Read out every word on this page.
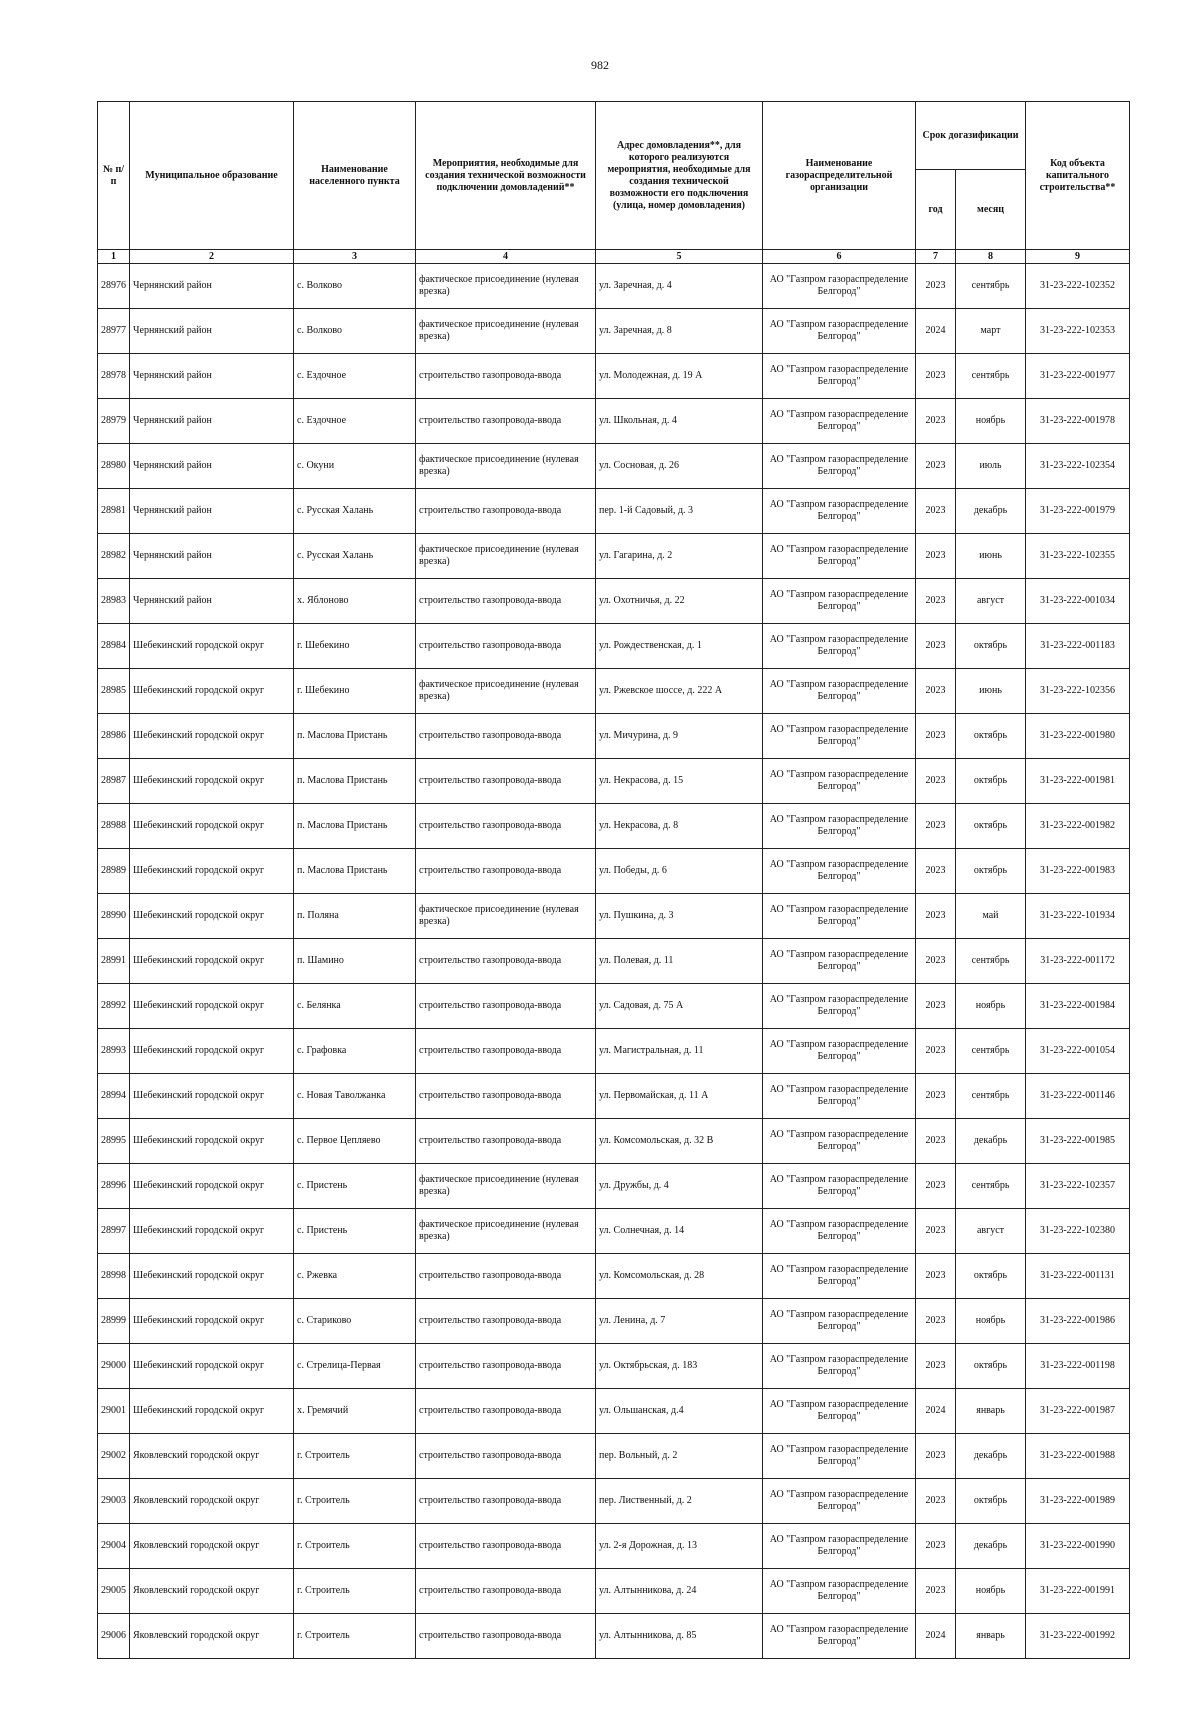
982
№ п/п	Муниципальное образование	Наименование населенного пункта	Мероприятия, необходимые для создания технической возможности подключении домовладений**	Адрес домовладения**, для которого реализуются мероприятия, необходимые для создания технической возможности его подключения (улица, номер домовладения)	Наименование газораспределительной организации	Срок догазификации		Код объекта капитального строительства**
						год	месяц	
1	2	3	4	5	6	7	8	9
28976	Чернянский район	с. Волково	фактическое присоединение (нулевая врезка)	ул. Заречная, д. 4	АО "Газпром газораспределение Белгород"	2023	сентябрь	31-23-222-102352
28977	Чернянский район	с. Волково	фактическое присоединение (нулевая врезка)	ул. Заречная, д. 8	АО "Газпром газораспределение Белгород"	2024	март	31-23-222-102353
28978	Чернянский район	с. Ездочное	строительство газопровода-ввода	ул. Молодежная, д. 19 А	АО "Газпром газораспределение Белгород"	2023	сентябрь	31-23-222-001977
28979	Чернянский район	с. Ездочное	строительство газопровода-ввода	ул. Школьная, д. 4	АО "Газпром газораспределение Белгород"	2023	ноябрь	31-23-222-001978
28980	Чернянский район	с. Окуни	фактическое присоединение (нулевая врезка)	ул. Сосновая, д. 26	АО "Газпром газораспределение Белгород"	2023	июль	31-23-222-102354
28981	Чернянский район	с. Русская Халань	строительство газопровода-ввода	пер. 1-й Садовый, д. 3	АО "Газпром газораспределение Белгород"	2023	декабрь	31-23-222-001979
28982	Чернянский район	с. Русская Халань	фактическое присоединение (нулевая врезка)	ул. Гагарина, д. 2	АО "Газпром газораспределение Белгород"	2023	июнь	31-23-222-102355
28983	Чернянский район	х. Яблоново	строительство газопровода-ввода	ул. Охотничья, д. 22	АО "Газпром газораспределение Белгород"	2023	август	31-23-222-001034
28984	Шебекинский городской округ	г. Шебекино	строительство газопровода-ввода	ул. Рождественская, д. 1	АО "Газпром газораспределение Белгород"	2023	октябрь	31-23-222-001183
28985	Шебекинский городской округ	г. Шебекино	фактическое присоединение (нулевая врезка)	ул. Ржевское шоссе, д. 222 А	АО "Газпром газораспределение Белгород"	2023	июнь	31-23-222-102356
28986	Шебекинский городской округ	п. Маслова Пристань	строительство газопровода-ввода	ул. Мичурина, д. 9	АО "Газпром газораспределение Белгород"	2023	октябрь	31-23-222-001980
28987	Шебекинский городской округ	п. Маслова Пристань	строительство газопровода-ввода	ул. Некрасова, д. 15	АО "Газпром газораспределение Белгород"	2023	октябрь	31-23-222-001981
28988	Шебекинский городской округ	п. Маслова Пристань	строительство газопровода-ввода	ул. Некрасова, д. 8	АО "Газпром газораспределение Белгород"	2023	октябрь	31-23-222-001982
28989	Шебекинский городской округ	п. Маслова Пристань	строительство газопровода-ввода	ул. Победы, д. 6	АО "Газпром газораспределение Белгород"	2023	октябрь	31-23-222-001983
28990	Шебекинский городской округ	п. Поляна	фактическое присоединение (нулевая врезка)	ул. Пушкина, д. 3	АО "Газпром газораспределение Белгород"	2023	май	31-23-222-101934
28991	Шебекинский городской округ	п. Шамино	строительство газопровода-ввода	ул. Полевая, д. 11	АО "Газпром газораспределение Белгород"	2023	сентябрь	31-23-222-001172
28992	Шебекинский городской округ	с. Белянка	строительство газопровода-ввода	ул. Садовая, д. 75 А	АО "Газпром газораспределение Белгород"	2023	ноябрь	31-23-222-001984
28993	Шебекинский городской округ	с. Графовка	строительство газопровода-ввода	ул. Магистральная, д. 11	АО "Газпром газораспределение Белгород"	2023	сентябрь	31-23-222-001054
28994	Шебекинский городской округ	с. Новая Таволжанка	строительство газопровода-ввода	ул. Первомайская, д. 11 А	АО "Газпром газораспределение Белгород"	2023	сентябрь	31-23-222-001146
28995	Шебекинский городской округ	с. Первое Цепляево	строительство газопровода-ввода	ул. Комсомольская, д. 32 В	АО "Газпром газораспределение Белгород"	2023	декабрь	31-23-222-001985
28996	Шебекинский городской округ	с. Пристень	фактическое присоединение (нулевая врезка)	ул. Дружбы, д. 4	АО "Газпром газораспределение Белгород"	2023	сентябрь	31-23-222-102357
28997	Шебекинский городской округ	с. Пристень	фактическое присоединение (нулевая врезка)	ул. Солнечная, д. 14	АО "Газпром газораспределение Белгород"	2023	август	31-23-222-102380
28998	Шебекинский городской округ	с. Ржевка	строительство газопровода-ввода	ул. Комсомольская, д. 28	АО "Газпром газораспределение Белгород"	2023	октябрь	31-23-222-001131
28999	Шебекинский городской округ	с. Стариково	строительство газопровода-ввода	ул. Ленина, д. 7	АО "Газпром газораспределение Белгород"	2023	ноябрь	31-23-222-001986
29000	Шебекинский городской округ	с. Стрелица-Первая	строительство газопровода-ввода	ул. Октябрьская, д. 183	АО "Газпром газораспределение Белгород"	2023	октябрь	31-23-222-001198
29001	Шебекинский городской округ	х. Гремячий	строительство газопровода-ввода	ул. Ольшанская, д.4	АО "Газпром газораспределение Белгород"	2024	январь	31-23-222-001987
29002	Яковлевский городской округ	г. Строитель	строительство газопровода-ввода	пер. Вольный, д. 2	АО "Газпром газораспределение Белгород"	2023	декабрь	31-23-222-001988
29003	Яковлевский городской округ	г. Строитель	строительство газопровода-ввода	пер. Лиственный, д. 2	АО "Газпром газораспределение Белгород"	2023	октябрь	31-23-222-001989
29004	Яковлевский городской округ	г. Строитель	строительство газопровода-ввода	ул. 2-я Дорожная, д. 13	АО "Газпром газораспределение Белгород"	2023	декабрь	31-23-222-001990
29005	Яковлевский городской округ	г. Строитель	строительство газопровода-ввода	ул. Алтынникова, д. 24	АО "Газпром газораспределение Белгород"	2023	ноябрь	31-23-222-001991
29006	Яковлевский городской округ	г. Строитель	строительство газопровода-ввода	ул. Алтынникова, д. 85	АО "Газпром газораспределение Белгород"	2024	январь	31-23-222-001992
